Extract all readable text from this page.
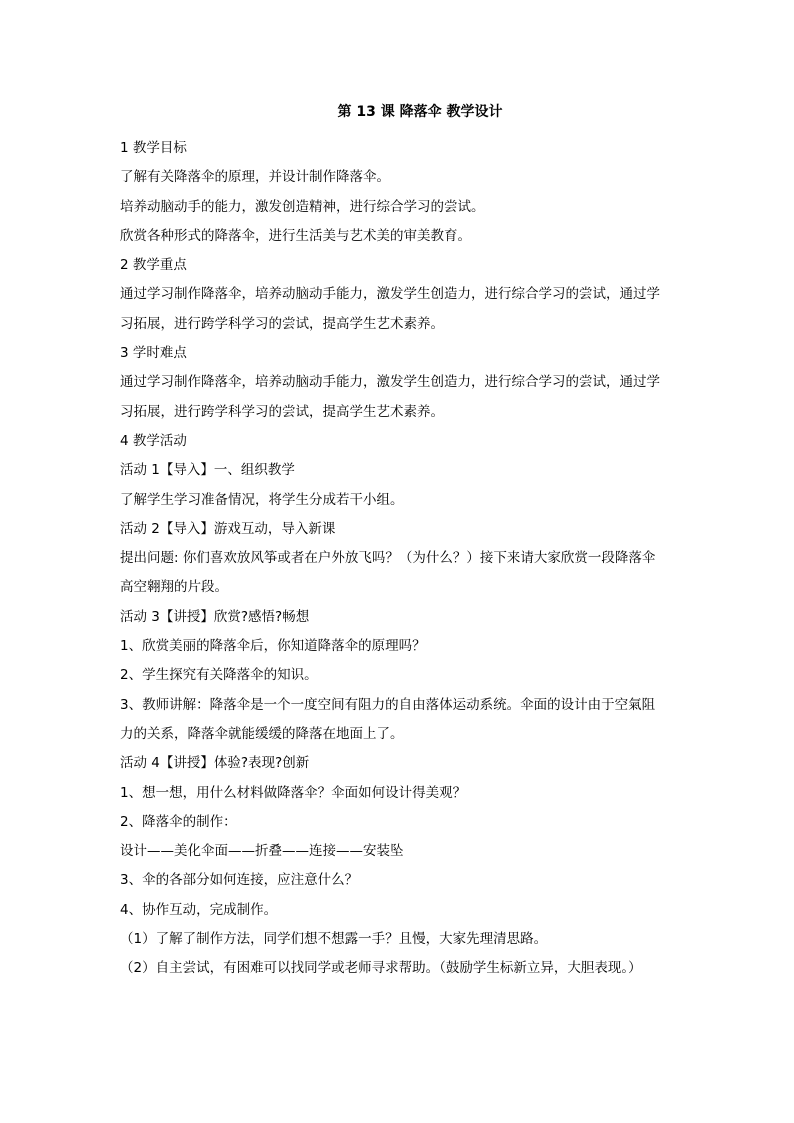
第 13 课 降落伞 教学设计

1 教学目标

了解有关降落伞的原理，并设计制作降落伞。

培养动脑动手的能力，激发创造精神，进行综合学习的尝试。

欣赏各种形式的降落伞，进行生活美与艺术美的审美教育。

2 教学重点

通过学习制作降落伞，培养动脑动手能力，激发学生创造力，进行综合学习的尝试，通过学

习拓展，进行跨学科学习的尝试，提高学生艺术素养。

3 学时难点

通过学习制作降落伞，培养动脑动手能力，激发学生创造力，进行综合学习的尝试，通过学

习拓展，进行跨学科学习的尝试，提高学生艺术素养。

4 教学活动

活动 1【导入】一、组织教学

了解学生学习准备情况，将学生分成若干小组。

活动 2【导入】游戏互动，导入新课

提出问题: 你们喜欢放风筝或者在户外放飞吗？（为什么？）接下来请大家欣赏一段降落伞

高空翱翔的片段。

活动 3【讲授】欣赏?感悟?畅想

1、欣赏美丽的降落伞后，你知道降落伞的原理吗？

2、学生探究有关降落伞的知识。

3、教师讲解：降落伞是一个一度空间有阻力的自由落体运动系统。伞面的设计由于空氣阻

力的关系，降落伞就能缓缓的降落在地面上了。

活动 4【讲授】体验?表现?创新

1、想一想，用什么材料做降落伞？伞面如何设计得美观？

2、降落伞的制作：

设计——美化伞面——折叠——连接——安装坠

3、伞的各部分如何连接，应注意什么？

4、协作互动，完成制作。

（1）了解了制作方法，同学们想不想露一手？且慢，大家先理清思路。

（2）自主尝试，有困难可以找同学或老师寻求帮助。（鼓励学生标新立异，大胆表现。）
